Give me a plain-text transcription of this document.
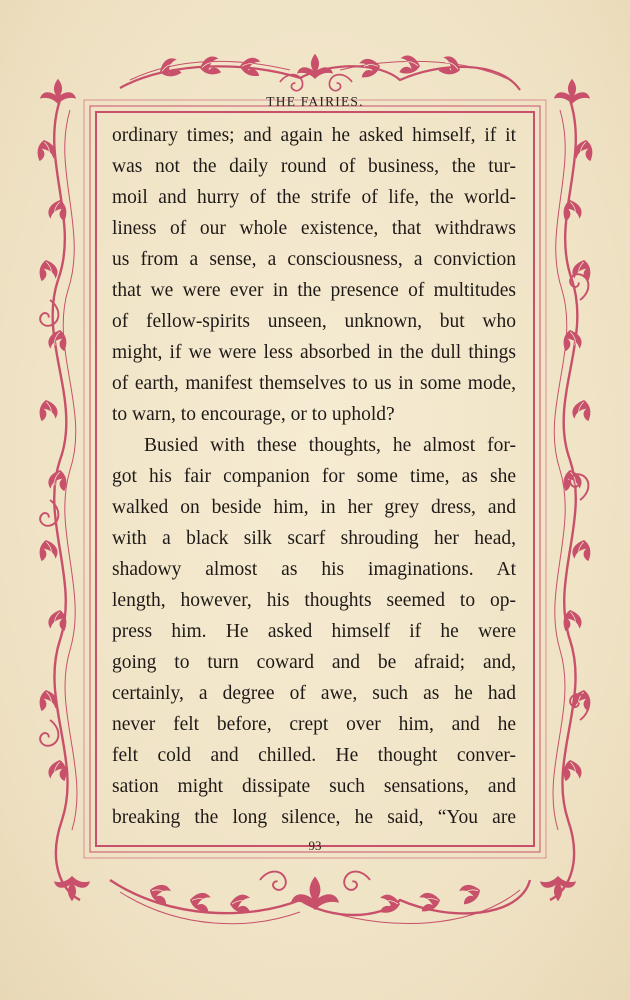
THE FAIRIES.
ordinary times; and again he asked himself, if it
was not the daily round of business, the tur-
moil and hurry of the strife of life, the world-
liness of our whole existence, that withdraws
us from a sense, a consciousness, a conviction
that we were ever in the presence of multitudes
of fellow-spirits unseen, unknown, but who
might, if we were less absorbed in the dull things
of earth, manifest themselves to us in some mode,
to warn, to encourage, or to uphold?
Busied with these thoughts, he almost for-
got his fair companion for some time, as she
walked on beside him, in her grey dress, and
with a black silk scarf shrouding her head,
shadowy almost as his imaginations. At
length, however, his thoughts seemed to op-
press him. He asked himself if he were
going to turn coward and be afraid; and,
certainly, a degree of awe, such as he had
never felt before, crept over him, and he
felt cold and chilled. He thought conver-
sation might dissipate such sensations, and
breaking the long silence, he said, “You are
93
